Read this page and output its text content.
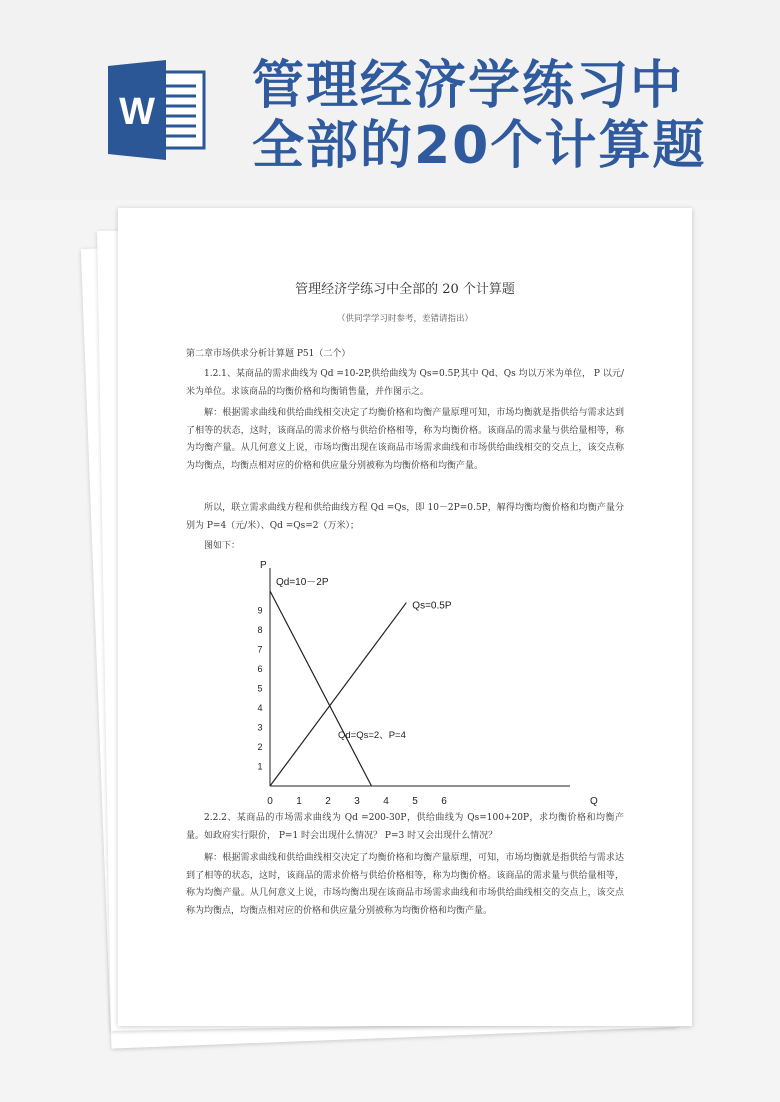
W 管理经济学练习中
全部的20个计算题
管理经济学练习中全部的 20 个计算题
（供同学学习时参考，差错请指出）
第二章市场供求分析计算题 P51（二个）
1.2.1、某商品的需求曲线为 Qd =10-2P,供给曲线为 Qs=0.5P,其中 Qd、Qs 均以万米为单位， P 以元/米为单位。求该商品的均衡价格和均衡销售量，并作图示之。
解：根据需求曲线和供给曲线相交决定了均衡价格和均衡产量原理可知，市场均衡就是指供给与需求达到了相等的状态，这时，该商品的需求价格与供给价格相等，称为均衡价格。该商品的需求量与供给量相等，称为均衡产量。从几何意义上说，市场均衡出现在该商品市场需求曲线和市场供给曲线相交的交点上，该交点称为均衡点，均衡点相对应的价格和供应量分别被称为均衡价格和均衡产量。
所以，联立需求曲线方程和供给曲线方程 Qd =Qs，即 10－2P=0.5P，解得均衡均衡价格和均衡产量分别为 P=4（元/米）、Qd =Qs=2（万米）；
图如下：
0 1 2 3 4 5 6
1
2
3
4
5
6
7
8
9
P
Q
Qd=10－2P
Qs=0.5P
Qd=Qs=2、P=4
2.2.2、某商品的市场需求曲线为 Qd =200-30P，供给曲线为 Qs=100+20P，求均衡价格和均衡产量。如政府实行限价， P=1 时会出现什么情况？ P=3 时又会出现什么情况？
解：根据需求曲线和供给曲线相交决定了均衡价格和均衡产量原理，可知，市场均衡就是指供给与需求达到了相等的状态，这时，该商品的需求价格与供给价格相等，称为均衡价格。该商品的需求量与供给量相等，称为均衡产量。从几何意义上说，市场均衡出现在该商品市场需求曲线和市场供给曲线相交的交点上，该交点称为均衡点，均衡点相对应的价格和供应量分别被称为均衡价格和均衡产量。
